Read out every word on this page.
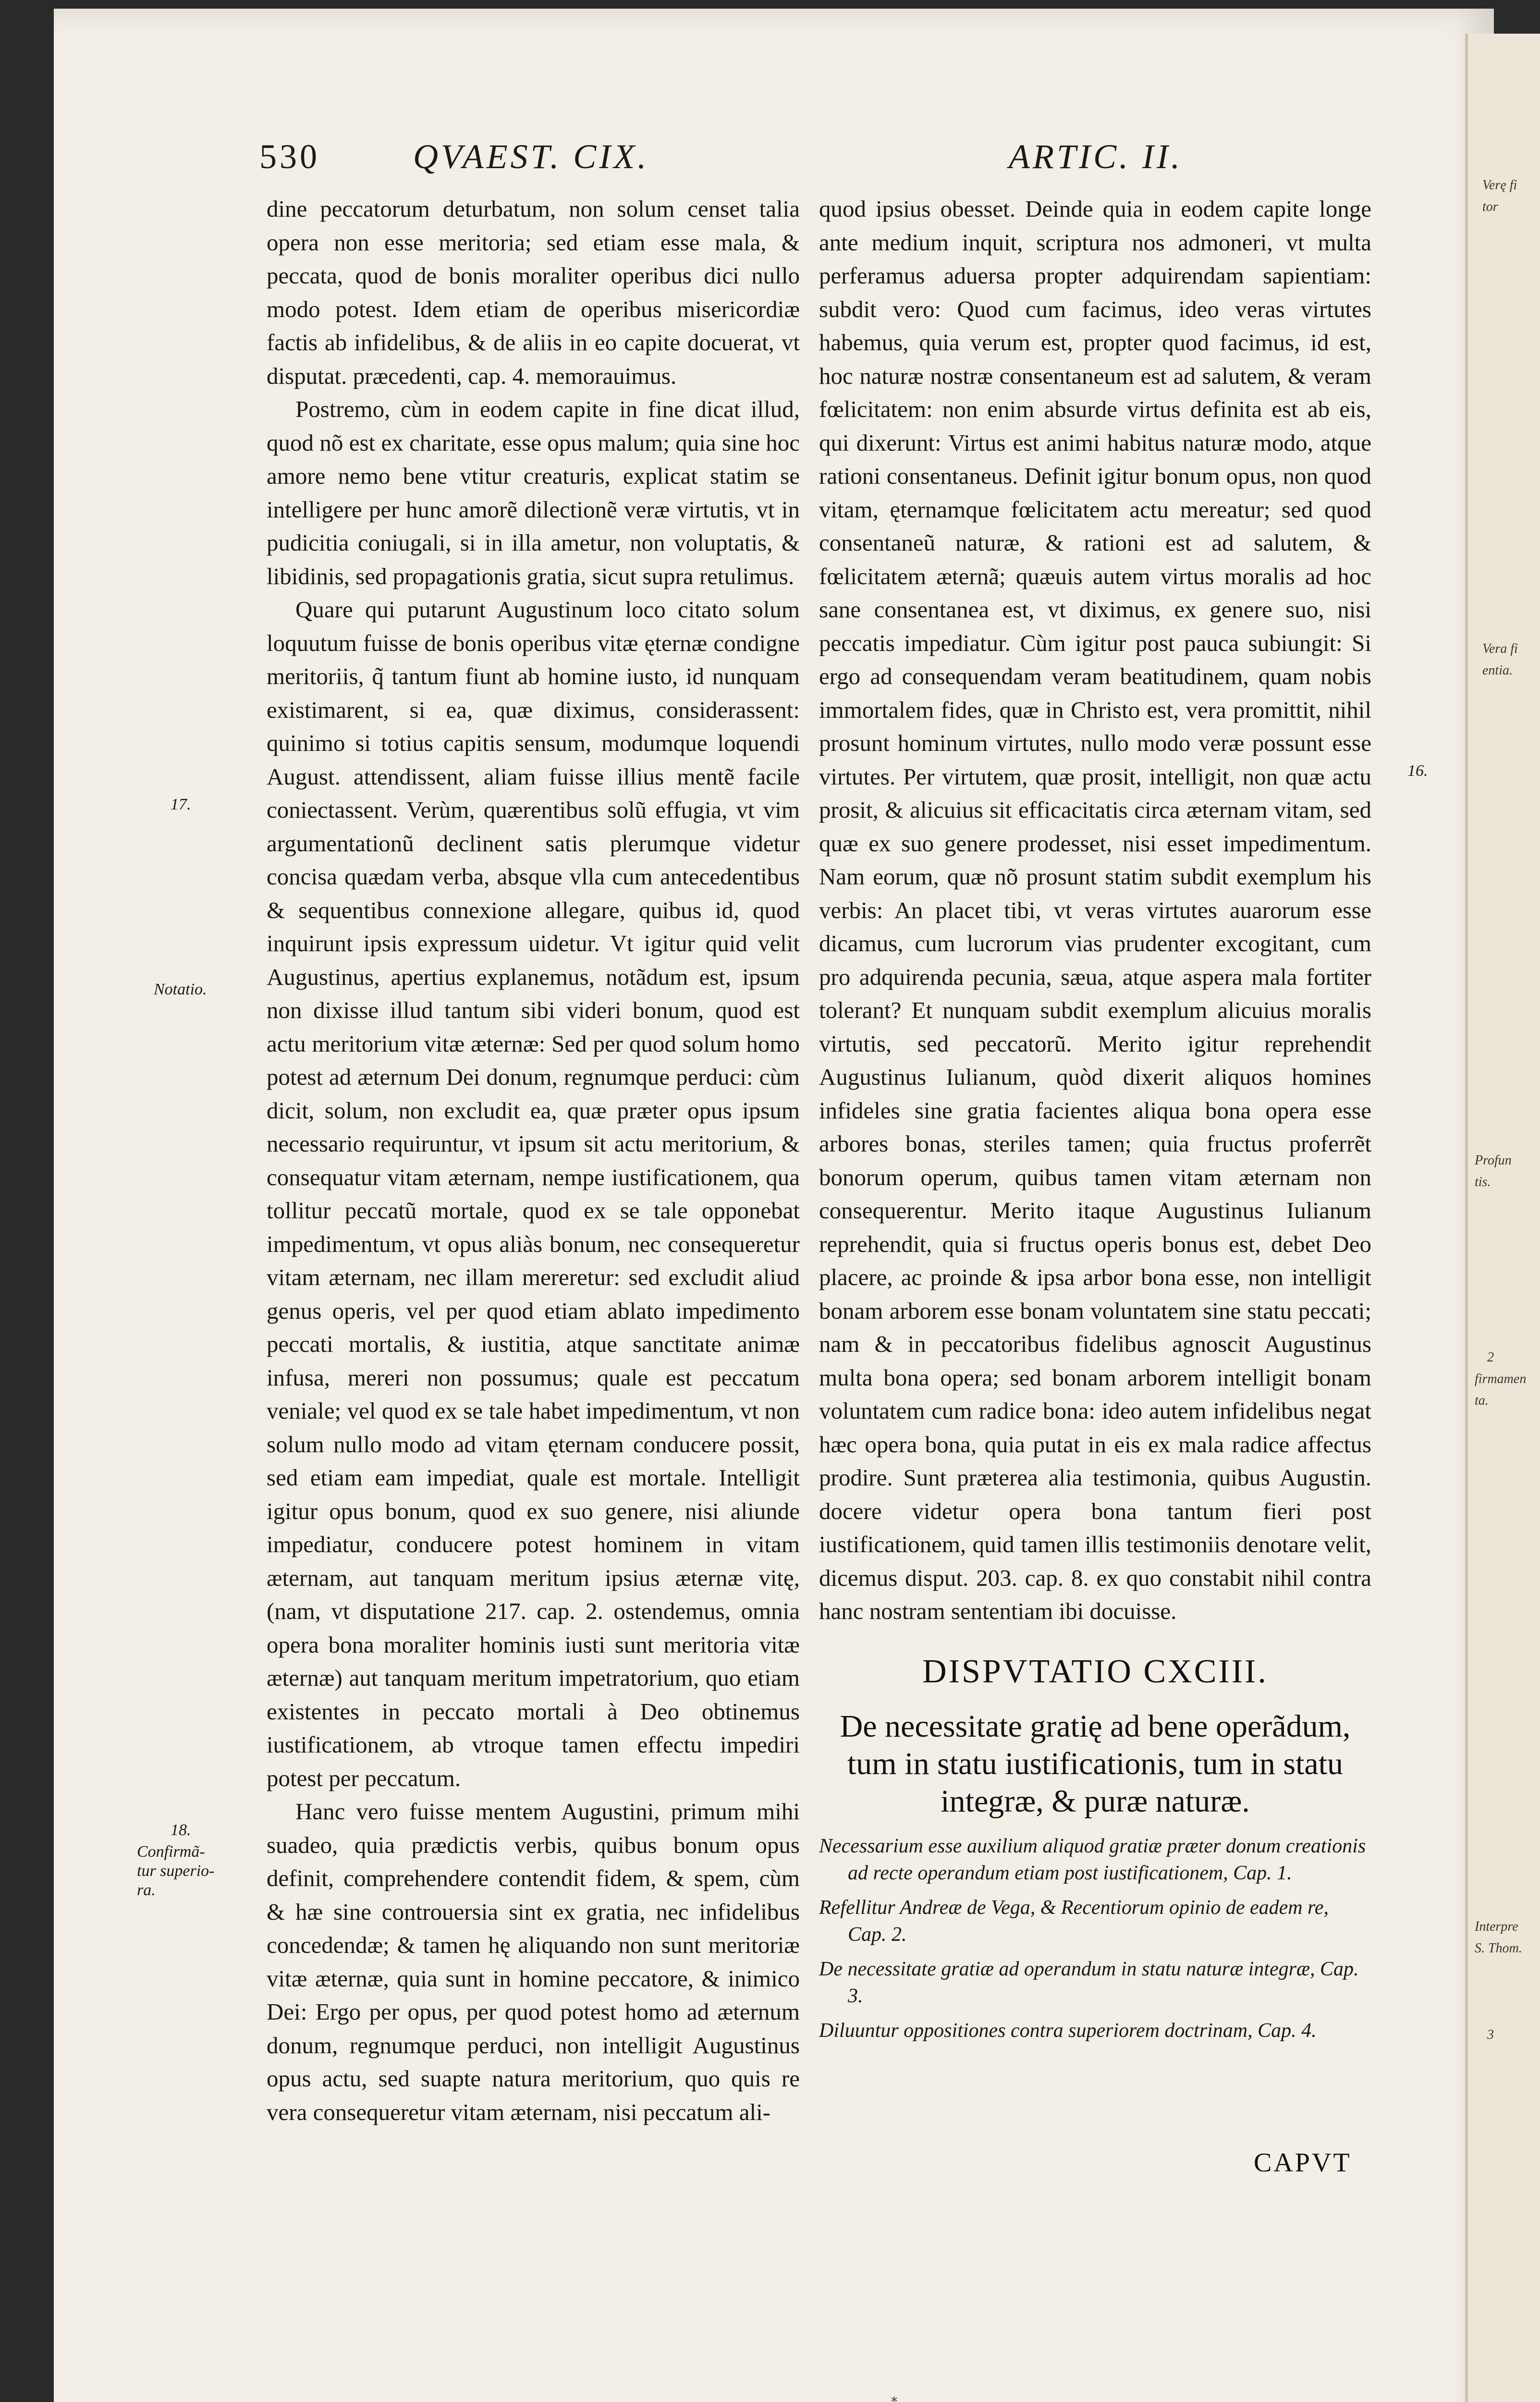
Verę fi
tor
Vera fi
entia.
Profun
tis.
2
firmamen
ta.
Interpre
S. Thom.
3
530	QVAEST. CIX.	ARTIC. II.

dine peccatorum deturbatum, non solum censet talia opera non esse meritoria; sed etiam esse mala, & peccata, quod de bonis moraliter operibus dici nullo modo potest. Idem etiam de operibus misericordiæ factis ab infidelibus, & de aliis in eo capite docuerat, vt disputat. præcedenti, cap. 4. memorauimus.

Postremo, cùm in eodem capite in fine dicat illud, quod nõ est ex charitate, esse opus malum; quia sine hoc amore nemo bene vtitur creaturis, explicat statim se intelligere per hunc amorẽ dilectionẽ veræ virtutis, vt in pudicitia coniugali, si in illa ametur, non voluptatis, & libidinis, sed propagationis gratia, sicut supra retulimus.

Quare qui putarunt Augustinum loco citato solum loquutum fuisse de bonis operibus vitæ ęternæ condigne meritoriis, q̃ tantum fiunt ab homine iusto, id nunquam existimarent, si ea, quæ diximus, considerassent: quinimo si totius capitis sensum, modumque loquendi August. attendissent, aliam fuisse illius mentẽ facile coniectassent. Verùm, quærentibus solũ effugia, vt vim argumentationũ declinent satis plerumque videtur concisa quædam verba, absque vlla cum antecedentibus & sequentibus connexione allegare, quibus id, quod inquirunt ipsis expressum uidetur. Vt igitur quid velit Augustinus, apertius explanemus, notãdum est, ipsum non dixisse illud tantum sibi videri bonum, quod est actu meritorium vitæ æternæ: Sed per quod solum homo potest ad æternum Dei donum, regnumque perduci: cùm dicit, solum, non excludit ea, quæ præter opus ipsum necessario requiruntur, vt ipsum sit actu meritorium, & consequatur vitam æternam, nempe iustificationem, qua tollitur peccatũ mortale, quod ex se tale opponebat impedimentum, vt opus aliàs bonum, nec consequeretur vitam æternam, nec illam mereretur: sed excludit aliud genus operis, vel per quod etiam ablato impedimento peccati mortalis, & iustitia, atque sanctitate animæ infusa, mereri non possumus; quale est peccatum veniale; vel quod ex se tale habet impedimentum, vt non solum nullo modo ad vitam ęternam conducere possit, sed etiam eam impediat, quale est mortale. Intelligit igitur opus bonum, quod ex suo genere, nisi aliunde impediatur, conducere potest hominem in vitam æternam, aut tanquam meritum ipsius æternæ vitę, (nam, vt disputatione 217. cap. 2. ostendemus, omnia opera bona moraliter hominis iusti sunt meritoria vitæ æternæ) aut tanquam meritum impetratorium, quo etiam existentes in peccato mortali à Deo obtinemus iustificationem, ab vtroque tamen effectu impediri potest per peccatum.

Hanc vero fuisse mentem Augustini, primum mihi suadeo, quia prædictis verbis, quibus bonum opus definit, comprehendere contendit fidem, & spem, cùm & hæ sine controuersia sint ex gratia, nec infidelibus concedendæ; & tamen hę aliquando non sunt meritoriæ vitæ æternæ, quia sunt in homine peccatore, & inimico Dei: Ergo per opus, per quod potest homo ad æternum donum, regnumque perduci, non intelligit Augustinus opus actu, sed suapte natura meritorium, quo quis re vera consequeretur vitam æternam, nisi peccatum ali-

17.
Notatio.
18.
Confirmã-tur superio-ra.
16.

quod ipsius obesset. Deinde quia in eodem capite longe ante medium inquit, scriptura nos admoneri, vt multa perferamus aduersa propter adquirendam sapientiam: subdit vero: Quod cum facimus, ideo veras virtutes habemus, quia verum est, propter quod facimus, id est, hoc naturæ nostræ consentaneum est ad salutem, & veram fœlicitatem: non enim absurde virtus definita est ab eis, qui dixerunt: Virtus est animi habitus naturæ modo, atque rationi consentaneus. Definit igitur bonum opus, non quod vitam, ęternamque fœlicitatem actu mereatur; sed quod consentaneũ naturæ, & rationi est ad salutem, & fœlicitatem æternã; quæuis autem virtus moralis ad hoc sane consentanea est, vt diximus, ex genere suo, nisi peccatis impediatur. Cùm igitur post pauca subiungit: Si ergo ad consequendam veram beatitudinem, quam nobis immortalem fides, quæ in Christo est, vera promittit, nihil prosunt hominum virtutes, nullo modo veræ possunt esse virtutes. Per virtutem, quæ prosit, intelligit, non quæ actu prosit, & alicuius sit efficacitatis circa æternam vitam, sed quæ ex suo genere prodesset, nisi esset impedimentum. Nam eorum, quæ nõ prosunt statim subdit exemplum his verbis: An placet tibi, vt veras virtutes auarorum esse dicamus, cum lucrorum vias prudenter excogitant, cum pro adquirenda pecunia, sæua, atque aspera mala fortiter tolerant? Et nunquam subdit exemplum alicuius moralis virtutis, sed peccatorũ. Merito igitur reprehendit Augustinus Iulianum, quòd dixerit aliquos homines infideles sine gratia facientes aliqua bona opera esse arbores bonas, steriles tamen; quia fructus proferrẽt bonorum operum, quibus tamen vitam æternam non consequerentur. Merito itaque Augustinus Iulianum reprehendit, quia si fructus operis bonus est, debet Deo placere, ac proinde & ipsa arbor bona esse, non intelligit bonam arborem esse bonam voluntatem sine statu peccati; nam & in peccatoribus fidelibus agnoscit Augustinus multa bona opera; sed bonam arborem intelligit bonam voluntatem cum radice bona: ideo autem infidelibus negat hæc opera bona, quia putat in eis ex mala radice affectus prodire. Sunt præterea alia testimonia, quibus Augustin. docere videtur opera bona tantum fieri post iustificationem, quid tamen illis testimoniis denotare velit, dicemus disput. 203. cap. 8. ex quo constabit nihil contra hanc nostram sententiam ibi docuisse.

DISPVTATIO CXCIII.
De necessitate gratię ad bene operãdum, tum in statu iustificationis, tum in statu integræ, & puræ naturæ.

Necessarium esse auxilium aliquod gratiæ præter donum creationis ad recte operandum etiam post iustificationem, Cap. 1.

Refellitur Andreæ de Vega, & Recentiorum opinio de eadem re, Cap. 2.

De necessitate gratiæ ad operandum in statu naturæ integræ, Cap. 3.

Diluuntur oppositiones contra superiorem doctrinam, Cap. 4.

CAPVT
*
